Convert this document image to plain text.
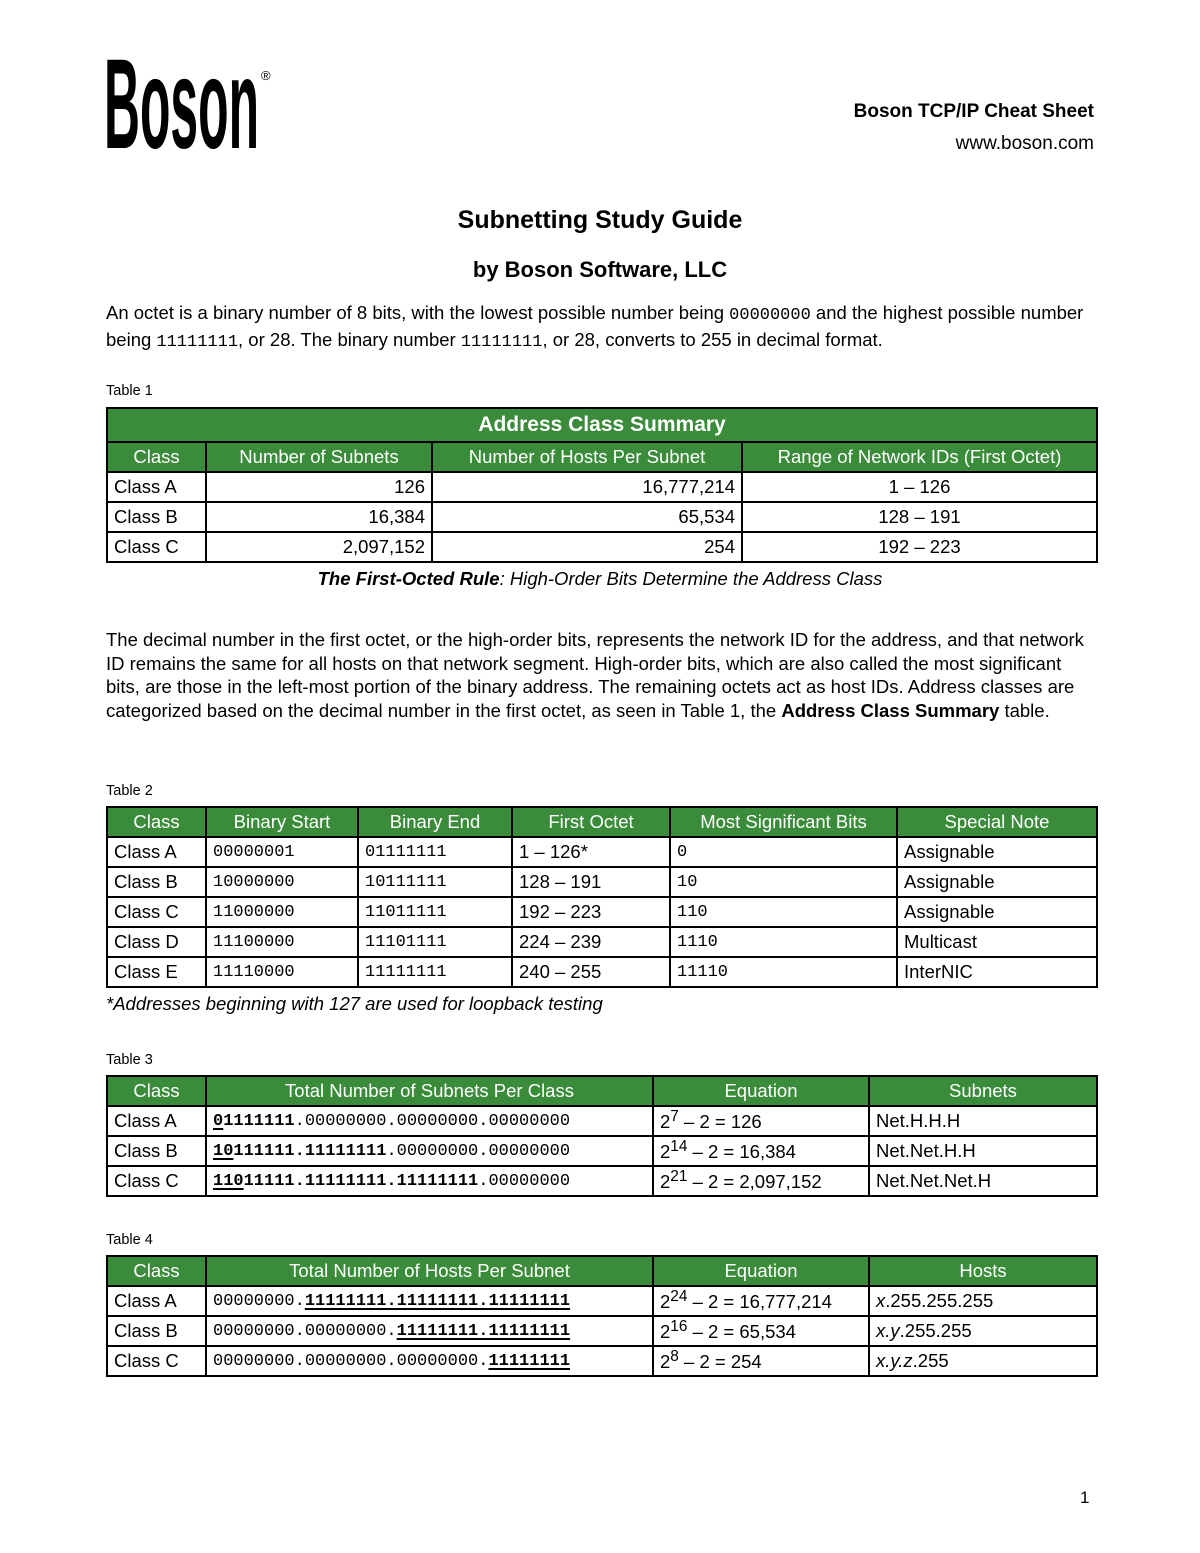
Boson ®
Boson TCP/IP Cheat Sheet
www.boson.com
Subnetting Study Guide
by Boson Software, LLC
An octet is a binary number of 8 bits, with the lowest possible number being 00000000 and the highest possible number being 11111111, or 28. The binary number 11111111, or 28, converts to 255 in decimal format.
Table 1
Address Class Summary			
Class	Number of Subnets	Number of Hosts Per Subnet	Range of Network IDs (First Octet)
Class A	126	16,777,214	1 – 126
Class B	16,384	65,534	128 – 191
Class C	2,097,152	254	192 – 223
The First-Octed Rule: High-Order Bits Determine the Address Class
The decimal number in the first octet, or the high-order bits, represents the network ID for the address, and that network ID remains the same for all hosts on that network segment. High-order bits, which are also called the most significant bits, are those in the left-most portion of the binary address. The remaining octets act as host IDs. Address classes are categorized based on the decimal number in the first octet, as seen in Table 1, the Address Class Summary table.
Table 2
Class	Binary Start	Binary End	First Octet	Most Significant Bits	Special Note
Class A	00000001	01111111	1 – 126*	0	Assignable
Class B	10000000	10111111	128 – 191	10	Assignable
Class C	11000000	11011111	192 – 223	110	Assignable
Class D	11100000	11101111	224 – 239	1110	Multicast
Class E	11110000	11111111	240 – 255	11110	InterNIC
*Addresses beginning with 127 are used for loopback testing
Table 3
Class	Total Number of Subnets Per Class	Equation	Subnets
Class A	01111111.00000000.00000000.00000000	$2^7 - 2 = 126$	Net.H.H.H
Class B	10111111.11111111.00000000.00000000	$2^{14} - 2 = 16,384$	Net.Net.H.H
Class C	11011111.11111111.11111111.00000000	$2^{21} - 2 = 2,097,152$	Net.Net.Net.H
Table 4
Class	Total Number of Hosts Per Subnet	Equation	Hosts
Class A	00000000.11111111.11111111.11111111	$2^{24} - 2 = 16,777,214$	x.255.255.255
Class B	00000000.00000000.11111111.11111111	$2^{16} - 2 = 65,534$	x.y.255.255
Class C	00000000.00000000.00000000.11111111	$2^8 - 2 = 254$	x.y.z.255
1
